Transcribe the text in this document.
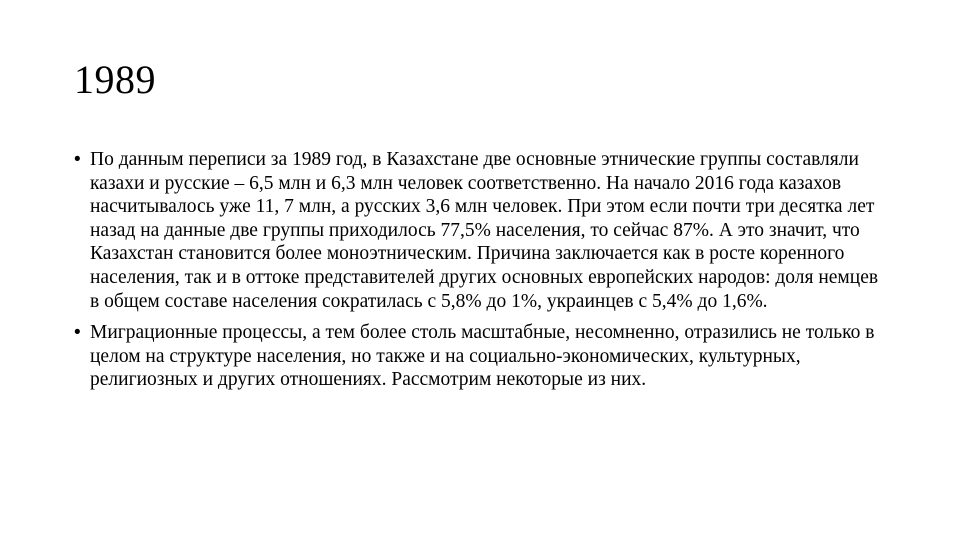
1989
• По данным переписи за 1989 год, в Казахстане две основные этнические группы составляли казахи и русские – 6,5 млн и 6,3 млн человек соответственно. На начало 2016 года казахов насчитывалось уже 11, 7 млн, а русских 3,6 млн человек. При этом если почти три десятка лет назад на данные две группы приходилось 77,5% населения, то сейчас 87%. А это значит, что Казахстан становится более моноэтническим. Причина заключается как в росте коренного населения, так и в оттоке представителей других основных европейских народов: доля немцев в общем составе населения сократилась с 5,8% до 1%, украинцев с 5,4% до 1,6%.
• Миграционные процессы, а тем более столь масштабные, несомненно, отразились не только в целом на структуре населения, но также и на социально-экономических, культурных, религиозных и других отношениях. Рассмотрим некоторые из них.
